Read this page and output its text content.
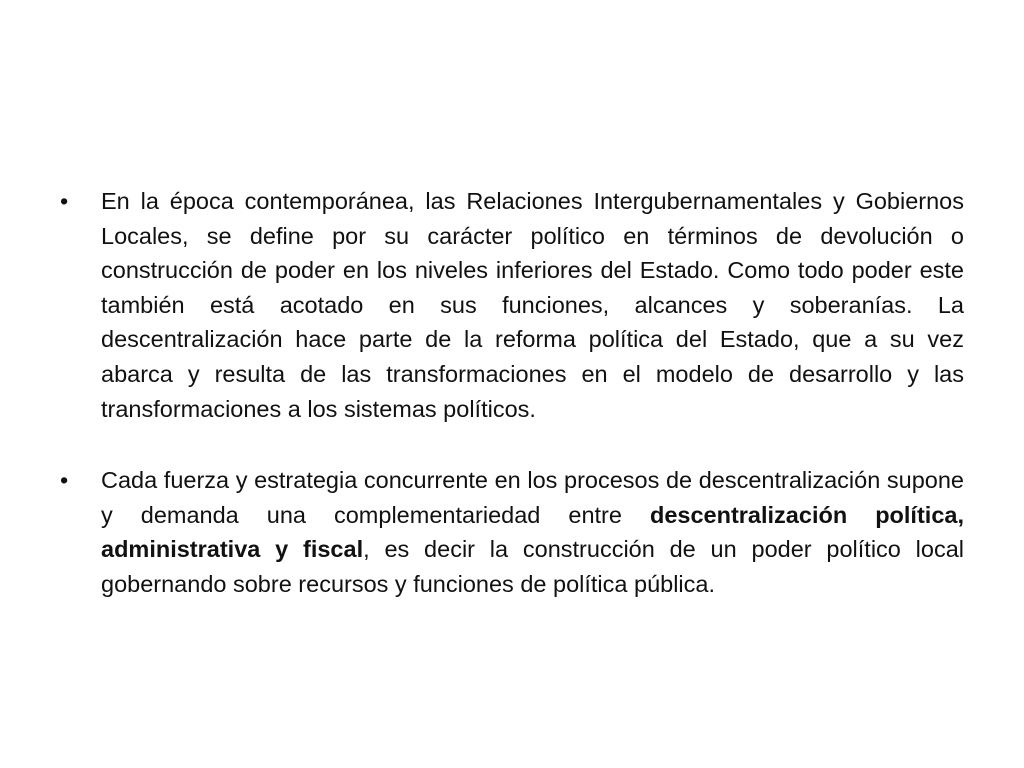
•	En la época contemporánea, las Relaciones Intergubernamentales y Gobiernos Locales, se define por su carácter político en términos de devolución o construcción de poder en los niveles inferiores del Estado. Como todo poder este también está acotado en sus funciones, alcances y soberanías. La descentralización hace parte de la reforma política del Estado, que a su vez abarca y resulta de las transformaciones en el modelo de desarrollo y las transformaciones a los sistemas políticos.
•	Cada fuerza y estrategia concurrente en los procesos de descentralización supone y demanda una complementariedad entre descentralización política, administrativa y fiscal, es decir la construcción de un poder político local gobernando sobre recursos y funciones de política pública.
